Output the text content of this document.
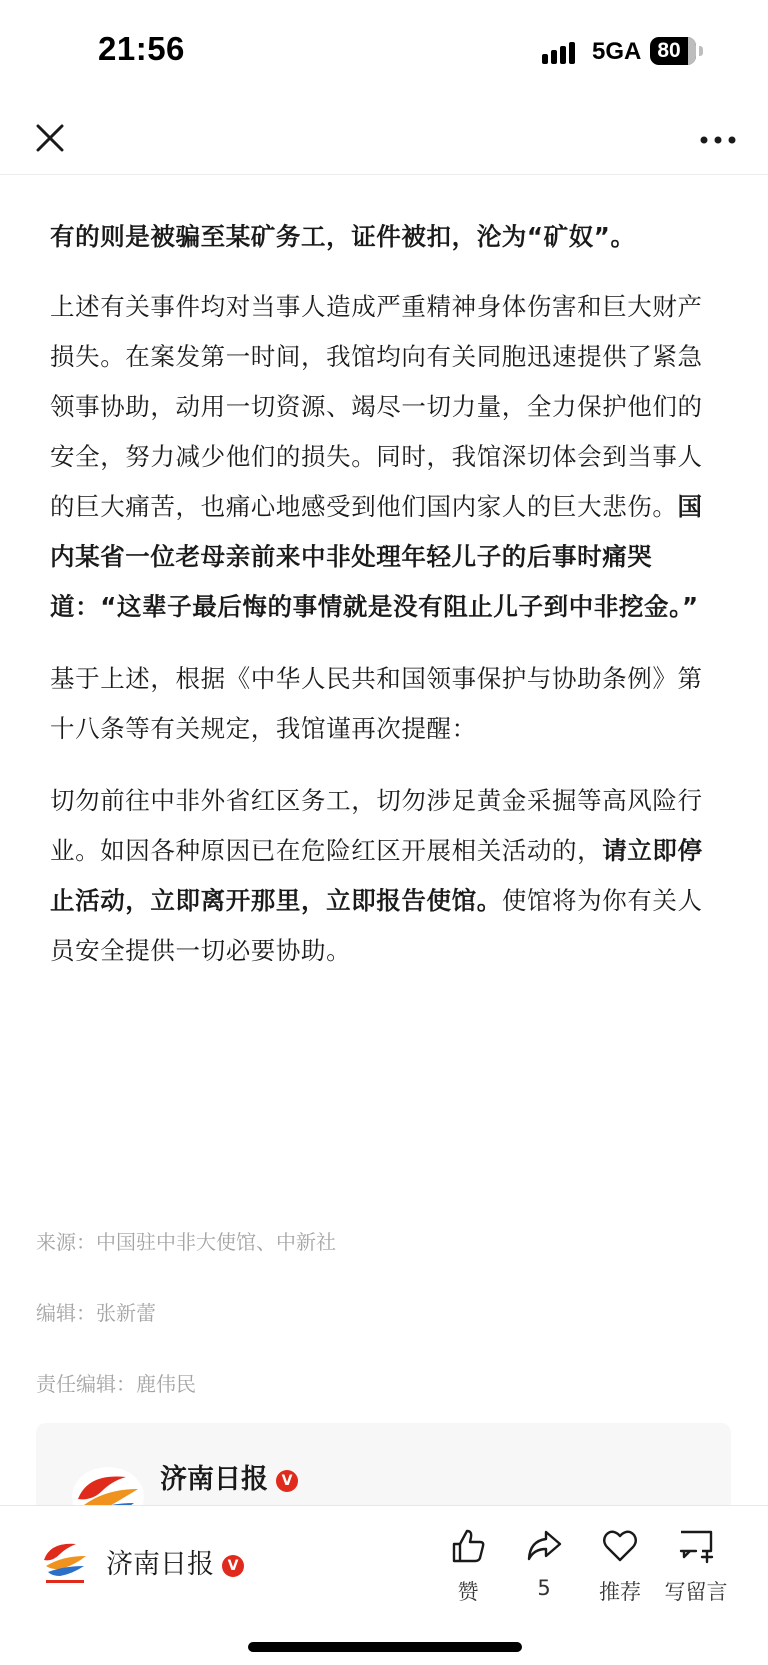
21:56	5GA 80

有的则是被骗至某矿务工，证件被扣，沦为“矿奴”。

上述有关事件均对当事人造成严重精神身体伤害和巨大财产损失。在案发第一时间，我馆均向有关同胞迅速提供了紧急领事协助，动用一切资源、竭尽一切力量，全力保护他们的安全，努力减少他们的损失。同时，我馆深切体会到当事人的巨大痛苦，也痛心地感受到他们国内家人的巨大悲伤。国内某省一位老母亲前来中非处理年轻儿子的后事时痛哭道：“这辈子最后悔的事情就是没有阻止儿子到中非挖金。”

基于上述，根据《中华人民共和国领事保护与协助条例》第十八条等有关规定，我馆谨再次提醒：

切勿前往中非外省红区务工，切勿涉足黄金采掘等高风险行业。如因各种原因已在危险红区开展相关活动的，请立即停止活动，立即离开那里，立即报告使馆。使馆将为你有关人员安全提供一切必要协助。

来源：中国驻中非大使馆、中新社
编辑：张新蕾
责任编辑：鹿伟民
济南日报 V
济南日报 V
赞	5	推荐	写留言
